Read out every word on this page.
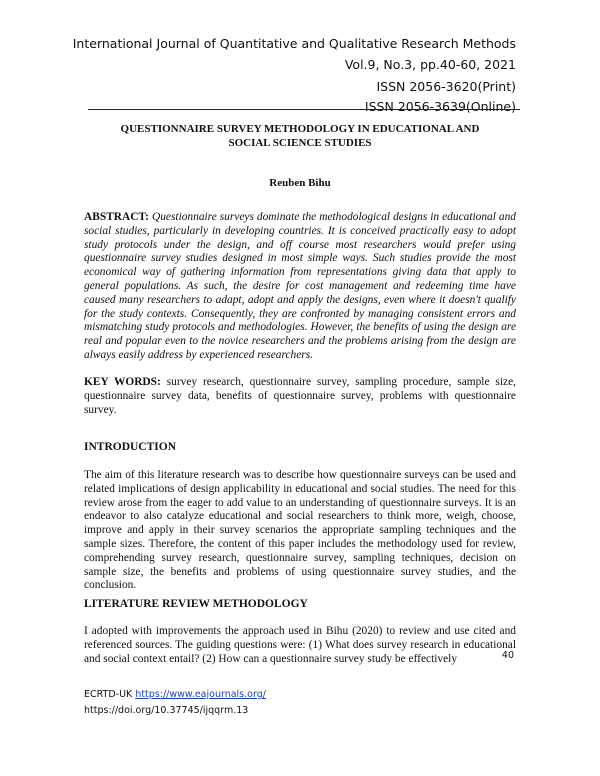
International Journal of Quantitative and Qualitative Research Methods
Vol.9, No.3, pp.40-60, 2021
ISSN 2056-3620(Print)
ISSN 2056-3639(Online)
QUESTIONNAIRE SURVEY METHODOLOGY IN EDUCATIONAL AND
SOCIAL SCIENCE STUDIES
Reuben Bihu
ABSTRACT: Questionnaire surveys dominate the methodological designs in educational and social studies, particularly in developing countries. It is conceived practically easy to adopt study protocols under the design, and off course most researchers would prefer using questionnaire survey studies designed in most simple ways. Such studies provide the most economical way of gathering information from representations giving data that apply to general populations. As such, the desire for cost management and redeeming time have caused many researchers to adapt, adopt and apply the designs, even where it doesn't qualify for the study contexts. Consequently, they are confronted by managing consistent errors and mismatching study protocols and methodologies. However, the benefits of using the design are real and popular even to the novice researchers and the problems arising from the design are always easily address by experienced researchers.
KEY WORDS: survey research, questionnaire survey, sampling procedure, sample size, questionnaire survey data, benefits of questionnaire survey, problems with questionnaire survey.
INTRODUCTION
The aim of this literature research was to describe how questionnaire surveys can be used and related implications of design applicability in educational and social studies. The need for this review arose from the eager to add value to an understanding of questionnaire surveys. It is an endeavor to also catalyze educational and social researchers to think more, weigh, choose, improve and apply in their survey scenarios the appropriate sampling techniques and the sample sizes. Therefore, the content of this paper includes the methodology used for review, comprehending survey research, questionnaire survey, sampling techniques, decision on sample size, the benefits and problems of using questionnaire survey studies, and the conclusion.
LITERATURE REVIEW METHODOLOGY
I adopted with improvements the approach used in Bihu (2020) to review and use cited and referenced sources. The guiding questions were: (1) What does survey research in educational and social context entail? (2) How can a questionnaire survey study be effectively	40
ECRTD-UK https://www.eajournals.org/
https://doi.org/10.37745/ijqqrm.13
